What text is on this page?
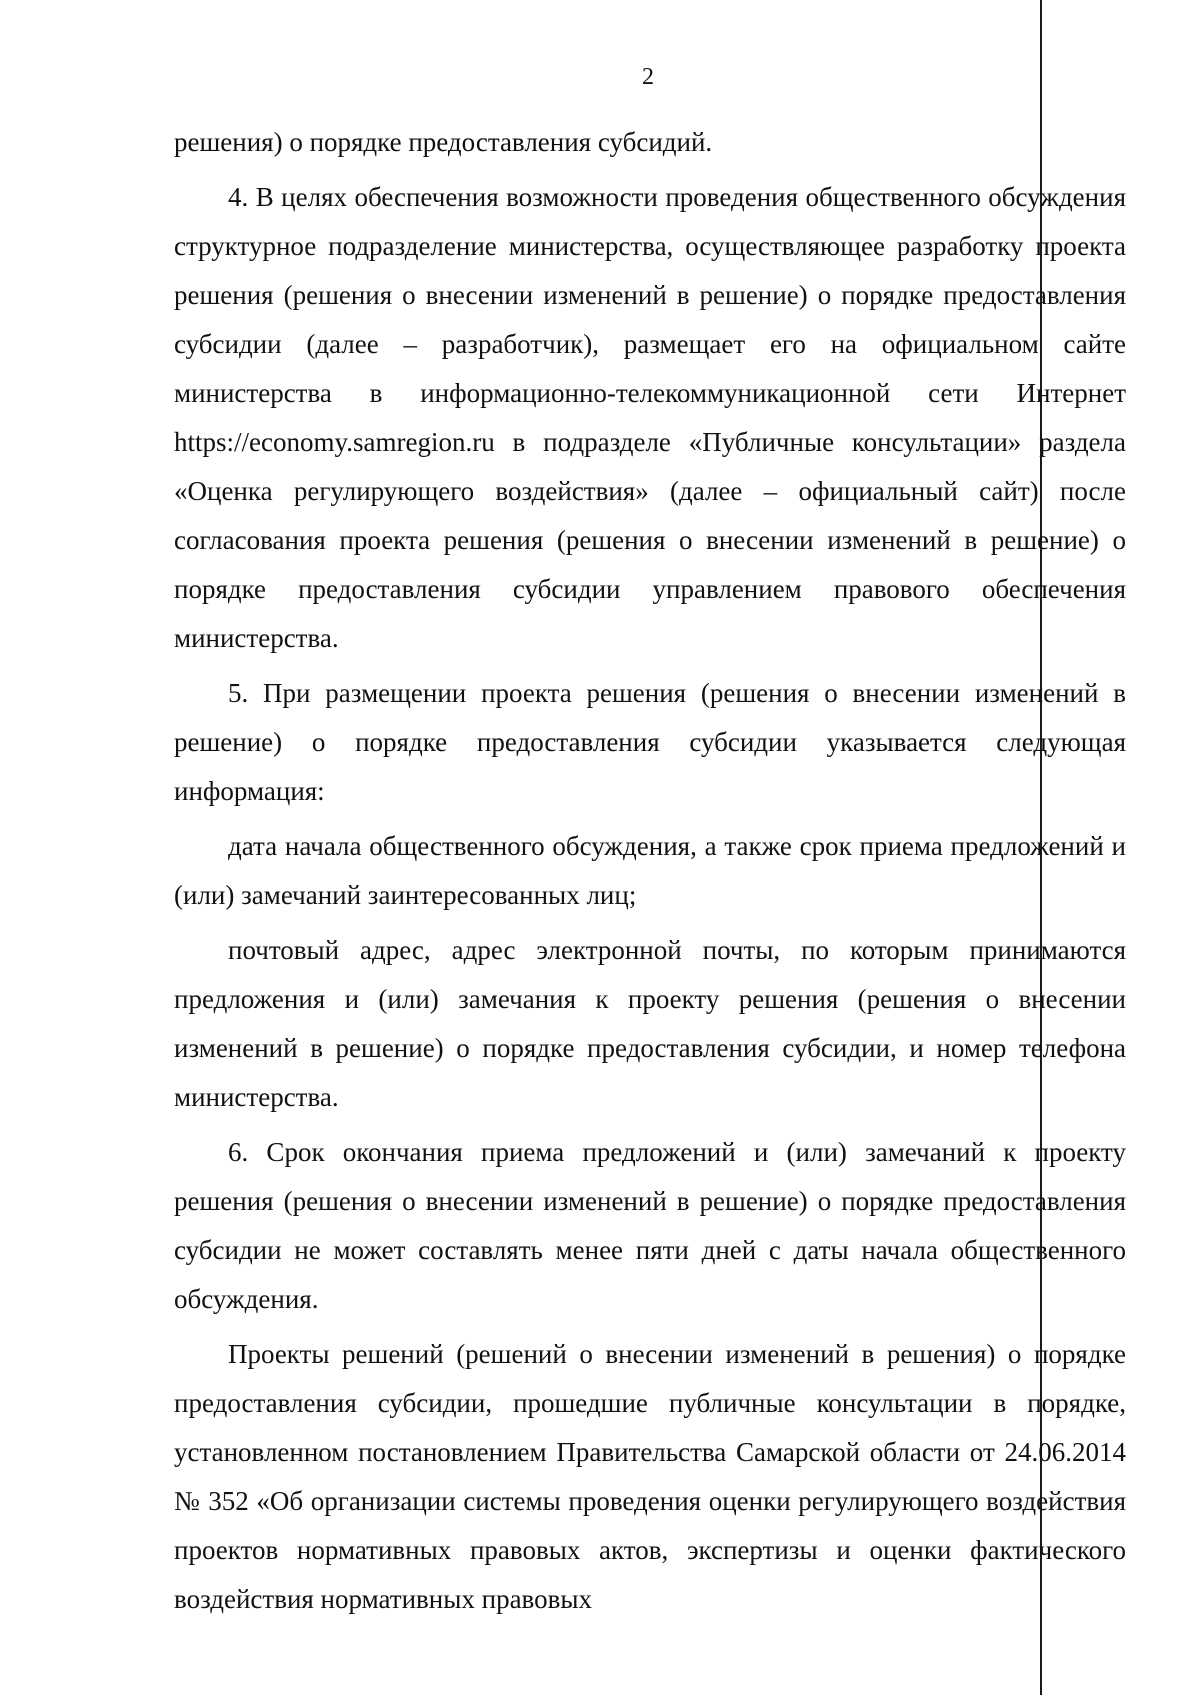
2

решения) о порядке предоставления субсидий.

4. В целях обеспечения возможности проведения общественного обсуждения структурное подразделение министерства, осуществляющее разработку проекта решения (решения о внесении изменений в решение) о порядке предоставления субсидии (далее – разработчик), размещает его на официальном сайте министерства в информационно-телекоммуникационной сети Интернет https://economy.samregion.ru в подразделе «Публичные консультации» раздела «Оценка регулирующего воздействия» (далее – официальный сайт) после согласования проекта решения (решения о внесении изменений в решение) о порядке предоставления субсидии управлением правового обеспечения министерства.

5. При размещении проекта решения (решения о внесении изменений в решение) о порядке предоставления субсидии указывается следующая информация:

дата начала общественного обсуждения, а также срок приема предложений и (или) замечаний заинтересованных лиц;

почтовый адрес, адрес электронной почты, по которым принимаются предложения и (или) замечания к проекту решения (решения о внесении изменений в решение) о порядке предоставления субсидии, и номер телефона министерства.

6. Срок окончания приема предложений и (или) замечаний к проекту решения (решения о внесении изменений в решение) о порядке предоставления субсидии не может составлять менее пяти дней с даты начала общественного обсуждения.

Проекты решений (решений о внесении изменений в решения) о порядке предоставления субсидии, прошедшие публичные консультации в порядке, установленном постановлением Правительства Самарской области от 24.06.2014 № 352 «Об организации системы проведения оценки регулирующего воздействия проектов нормативных правовых актов, экспертизы и оценки фактического воздействия нормативных правовых
